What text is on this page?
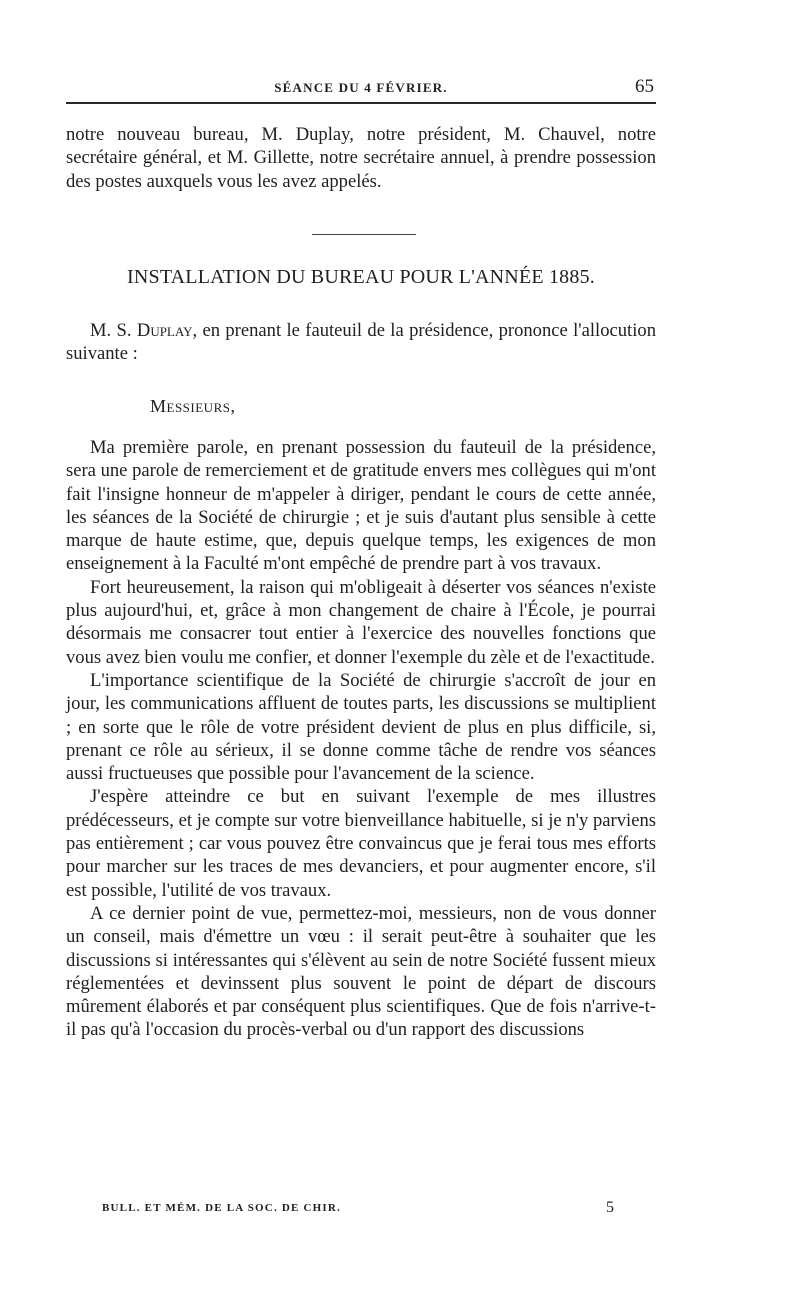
SÉANCE DU 4 FÉVRIER.	65

notre nouveau bureau, M. Duplay, notre président, M. Chauvel, notre secrétaire général, et M. Gillette, notre secrétaire annuel, à prendre possession des postes auxquels vous les avez appelés.

INSTALLATION DU BUREAU POUR L'ANNÉE 1885.

M. S. Duplay, en prenant le fauteuil de la présidence, prononce l'allocution suivante :

Messieurs,

Ma première parole, en prenant possession du fauteuil de la présidence, sera une parole de remerciement et de gratitude envers mes collègues qui m'ont fait l'insigne honneur de m'appeler à diriger, pendant le cours de cette année, les séances de la Société de chirurgie ; et je suis d'autant plus sensible à cette marque de haute estime, que, depuis quelque temps, les exigences de mon enseignement à la Faculté m'ont empêché de prendre part à vos travaux.

Fort heureusement, la raison qui m'obligeait à déserter vos séances n'existe plus aujourd'hui, et, grâce à mon changement de chaire à l'École, je pourrai désormais me consacrer tout entier à l'exercice des nouvelles fonctions que vous avez bien voulu me confier, et donner l'exemple du zèle et de l'exactitude.

L'importance scientifique de la Société de chirurgie s'accroît de jour en jour, les communications affluent de toutes parts, les discussions se multiplient ; en sorte que le rôle de votre président devient de plus en plus difficile, si, prenant ce rôle au sérieux, il se donne comme tâche de rendre vos séances aussi fructueuses que possible pour l'avancement de la science.

J'espère atteindre ce but en suivant l'exemple de mes illustres prédécesseurs, et je compte sur votre bienveillance habituelle, si je n'y parviens pas entièrement ; car vous pouvez être convaincus que je ferai tous mes efforts pour marcher sur les traces de mes devanciers, et pour augmenter encore, s'il est possible, l'utilité de vos travaux.

A ce dernier point de vue, permettez-moi, messieurs, non de vous donner un conseil, mais d'émettre un vœu : il serait peut-être à souhaiter que les discussions si intéressantes qui s'élèvent au sein de notre Société fussent mieux réglementées et devinssent plus souvent le point de départ de discours mûrement élaborés et par conséquent plus scientifiques. Que de fois n'arrive-t-il pas qu'à l'occasion du procès-verbal ou d'un rapport des discussions

BULL. ET MÉM. DE LA SOC. DE CHIR.	5
